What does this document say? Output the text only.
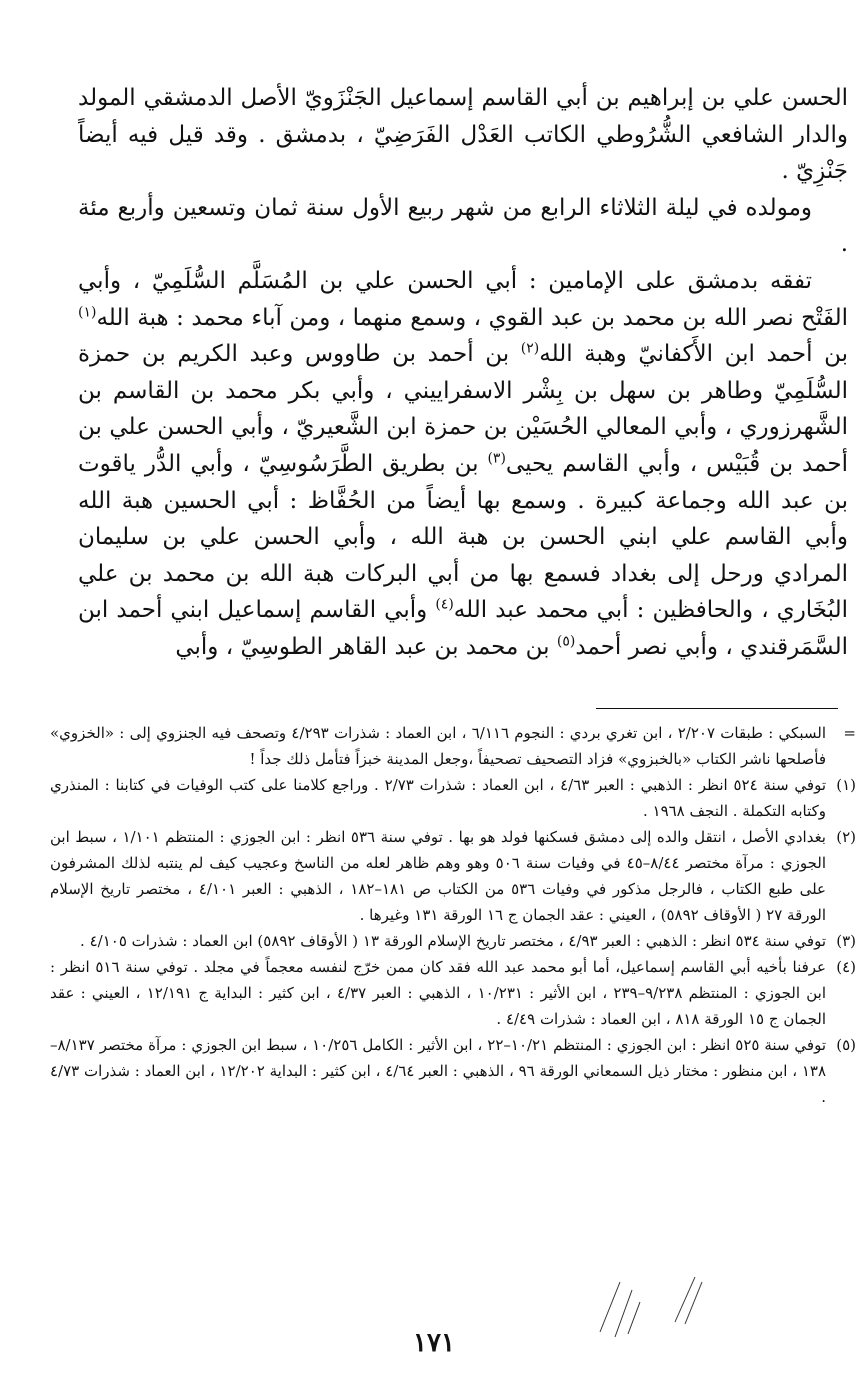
الحسن علي بن إبراهيم بن أبي القاسم إسماعيل الجَنْزَويّ الأصل الدمشقي المولد والدار الشافعي الشُّرُوطي الكاتب العَدْل الفَرَضِيّ ، بدمشق . وقد قيل فيه أيضاً جَنْزِيّ .

ومولده في ليلة الثلاثاء الرابع من شهر ربيع الأول سنة ثمان وتسعين وأربع مئة .

تفقه بدمشق على الإمامين : أبي الحسن علي بن المُسَلَّم السُّلَمِيّ ، وأبي الفَتْح نصر الله بن محمد بن عبد القوي ، وسمع منهما ، ومن آباء محمد : هبة الله$^{(١)}$ بن أحمد ابن الأَكفانيّ وهبة الله$^{(٢)}$ بن أحمد بن طاووس وعبد الكريم بن حمزة السُّلَمِيّ وطاهر بن سهل بن بِشْر الاسفراييني ، وأبي بكر محمد بن القاسم بن الشَّهرزوري ، وأبي المعالي الحُسَيْن بن حمزة ابن الشَّعيريّ ، وأبي الحسن علي بن أحمد بن قُبَيْس ، وأبي القاسم يحيى$^{(٣)}$ بن بطريق الطَّرَسُوسِيّ ، وأبي الدُّر ياقوت بن عبد الله وجماعة كبيرة . وسمع بها أيضاً من الحُفَّاظ : أبي الحسين هبة الله وأبي القاسم علي ابني الحسن بن هبة الله ، وأبي الحسن علي بن سليمان المرادي ورحل إلى بغداد فسمع بها من أبي البركات هبة الله بن محمد بن علي البُخَاري ، والحافظين : أبي محمد عبد الله$^{(٤)}$ وأبي القاسم إسماعيل ابني أحمد ابن السَّمَرقندي ، وأبي نصر أحمد$^{(٥)}$ بن محمد بن عبد القاهر الطوسِيّ ، وأبي

=
السبكي : طبقات ٢/٢٠٧ ، ابن تغري بردي : النجوم ٦/١١٦ ، ابن العماد : شذرات ٤/٢٩٣ وتصحف فيه الجنزوي إلى : «الخزوي» فأصلحها ناشر الكتاب «بالخبزوي» فزاد التصحيف تصحيفاً ،وجعل المدينة خبزاً فتأمل ذلك جداً !

(١)
توفي سنة ٥٢٤ انظر : الذهبي : العبر ٤/٦٣ ، ابن العماد : شذرات ٢/٧٣ . وراجع كلامنا على كتب الوفيات في كتابنا : المنذري وكتابه التكملة . النجف ١٩٦٨ .

(٢)
بغدادي الأصل ، انتقل والده إلى دمشق فسكنها فولد هو بها . توفي سنة ٥٣٦ انظر : ابن الجوزي : المنتظم ١/١٠١ ، سبط ابن الجوزي : مرآة مختصر ٨/٤٤–٤٥ في وفيات سنة ٥٠٦ وهو وهم ظاهر لعله من الناسخ وعجيب كيف لم ينتبه لذلك المشرفون على طبع الكتاب ، فالرجل مذكور في وفيات ٥٣٦ من الكتاب ص ١٨١–١٨٢ ، الذهبي : العبر ٤/١٠١ ، مختصر تاريخ الإسلام الورقة ٢٧ ( الأوقاف ٥٨٩٢) ، العيني : عقد الجمان ج ١٦ الورقة ١٣١ وغيرها .

(٣)
توفي سنة ٥٣٤ انظر : الذهبي : العبر ٤/٩٣ ، مختصر تاريخ الإسلام الورقة ١٣ ( الأوقاف ٥٨٩٢) ابن العماد : شذرات ٤/١٠٥ .

(٤)
عرفنا بأخيه أبي القاسم إسماعيل، أما أبو محمد عبد الله فقد كان ممن خرّج لنفسه معجماً في مجلد . توفي سنة ٥١٦ انظر : ابن الجوزي : المنتظم ٩/٢٣٨–٢٣٩ ، ابن الأثير : ١٠/٢٣١ ، الذهبي : العبر ٤/٣٧ ، ابن كثير : البداية ج ١٢/١٩١ ، العيني : عقد الجمان ج ١٥ الورقة ٨١٨ ، ابن العماد : شذرات ٤/٤٩ .

(٥)
توفي سنة ٥٢٥ انظر : ابن الجوزي : المنتظم ١٠/٢١–٢٢ ، ابن الأثير : الكامل ١٠/٢٥٦ ، سبط ابن الجوزي : مرآة مختصر ٨/١٣٧–١٣٨ ، ابن منظور : مختار ذيل السمعاني الورقة ٩٦ ، الذهبي : العبر ٤/٦٤ ، ابن كثير : البداية ١٢/٢٠٢ ، ابن العماد : شذرات ٤/٧٣ .

١٧١
